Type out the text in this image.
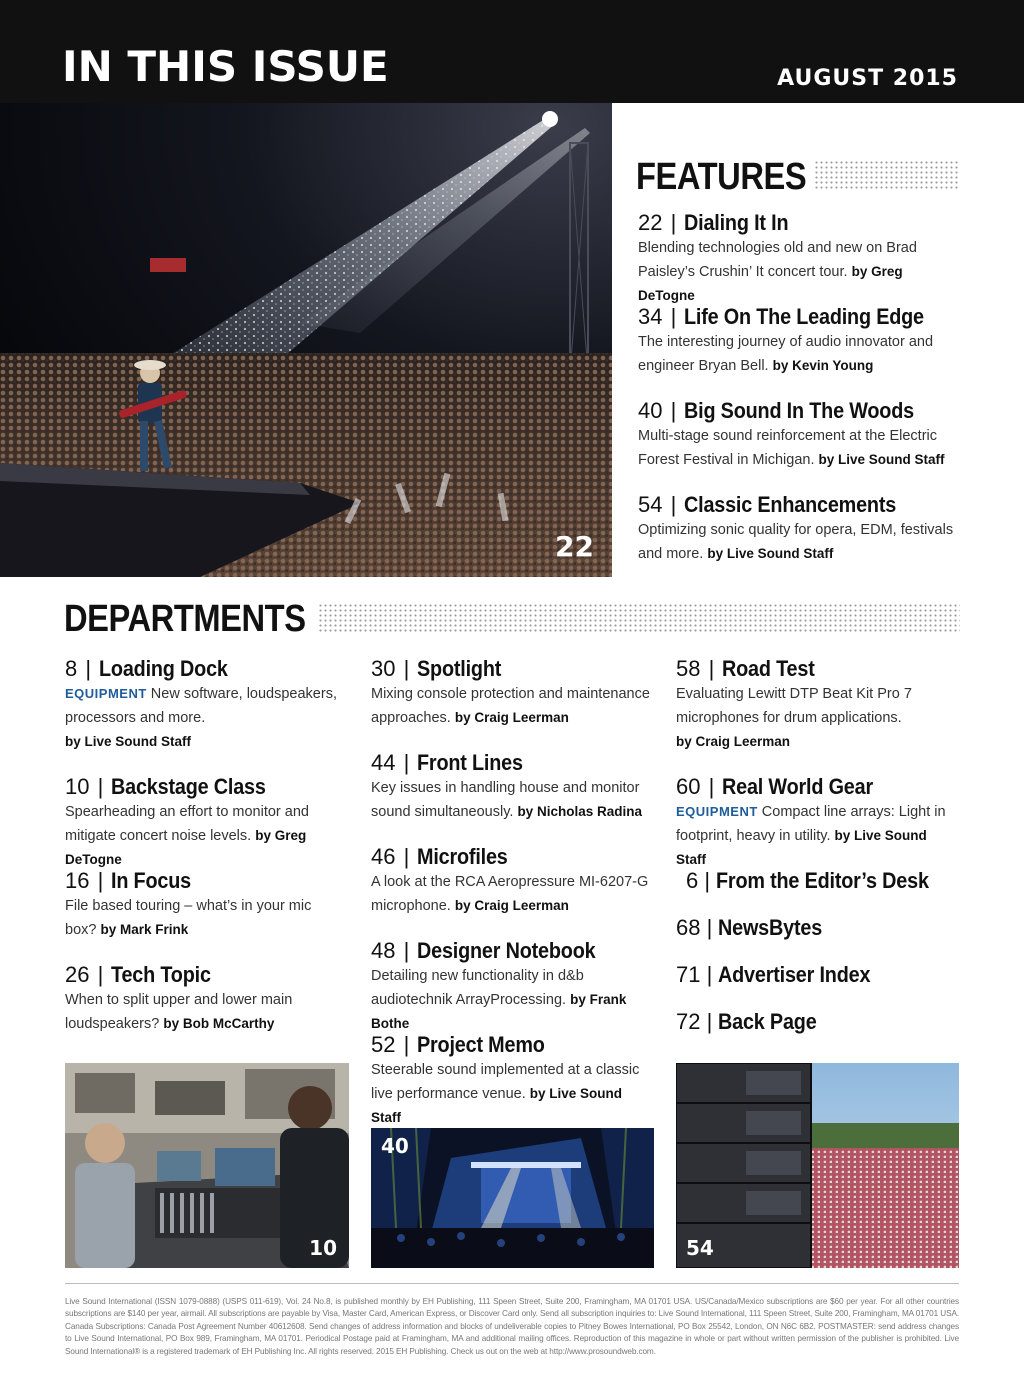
IN THIS ISSUE	AUGUST 2015
22
FEATURES
22 | Dialing It In
Blending technologies old and new on Brad Paisley’s Crushin’ It concert tour. by Greg DeTogne
34 | Life On The Leading Edge
The interesting journey of audio innovator and engineer Bryan Bell. by Kevin Young
40 | Big Sound In The Woods
Multi-stage sound reinforcement at the Electric Forest Festival in Michigan. by Live Sound Staff
54 | Classic Enhancements
Optimizing sonic quality for opera, EDM, festivals and more. by Live Sound Staff
DEPARTMENTS
8 | Loading Dock
EQUIPMENT New software, loudspeakers, processors and more.
by Live Sound Staff
10 | Backstage Class
Spearheading an effort to monitor and mitigate concert noise levels. by Greg DeTogne
16 | In Focus
File based touring – what’s in your mic box? by Mark Frink
26 | Tech Topic
When to split upper and lower main loudspeakers? by Bob McCarthy
30 | Spotlight
Mixing console protection and maintenance approaches. by Craig Leerman
44 | Front Lines
Key issues in handling house and monitor sound simultaneously. by Nicholas Radina
46 | Microfiles
A look at the RCA Aeropressure MI-6207-G microphone. by Craig Leerman
48 | Designer Notebook
Detailing new functionality in d&b audiotechnik ArrayProcessing. by Frank Bothe
52 | Project Memo
Steerable sound implemented at a classic live performance venue. by Live Sound Staff
58 | Road Test
Evaluating Lewitt DTP Beat Kit Pro 7 microphones for drum applications.
by Craig Leerman
60 | Real World Gear
EQUIPMENT Compact line arrays: Light in footprint, heavy in utility. by Live Sound Staff
6 | From the Editor’s Desk
68 | NewsBytes
71 | Advertiser Index
72 | Back Page
10
40
54
Live Sound International (ISSN 1079-0888) (USPS 011-619), Vol. 24 No.8, is published monthly by EH Publishing, 111 Speen Street, Suite 200, Framingham, MA 01701 USA. US/Canada/Mexico subscriptions are $60 per year. For all other countries subscriptions are $140 per year, airmail. All subscriptions are payable by Visa, Master Card, American Express, or Discover Card only. Send all subscription inquiries to: Live Sound International, 111 Speen Street, Suite 200, Framingham, MA 01701 USA. Canada Subscriptions: Canada Post Agreement Number 40612608. Send changes of address information and blocks of undeliverable copies to Pitney Bowes International, PO Box 25542, London, ON N6C 6B2. POSTMASTER: send address changes to Live Sound International, PO Box 989, Framingham, MA 01701. Periodical Postage paid at Framingham, MA and additional mailing offices. Reproduction of this magazine in whole or part without written permission of the publisher is prohibited. Live Sound International® is a registered trademark of EH Publishing Inc. All rights reserved. 2015 EH Publishing. Check us out on the web at http://www.prosoundweb.com.
